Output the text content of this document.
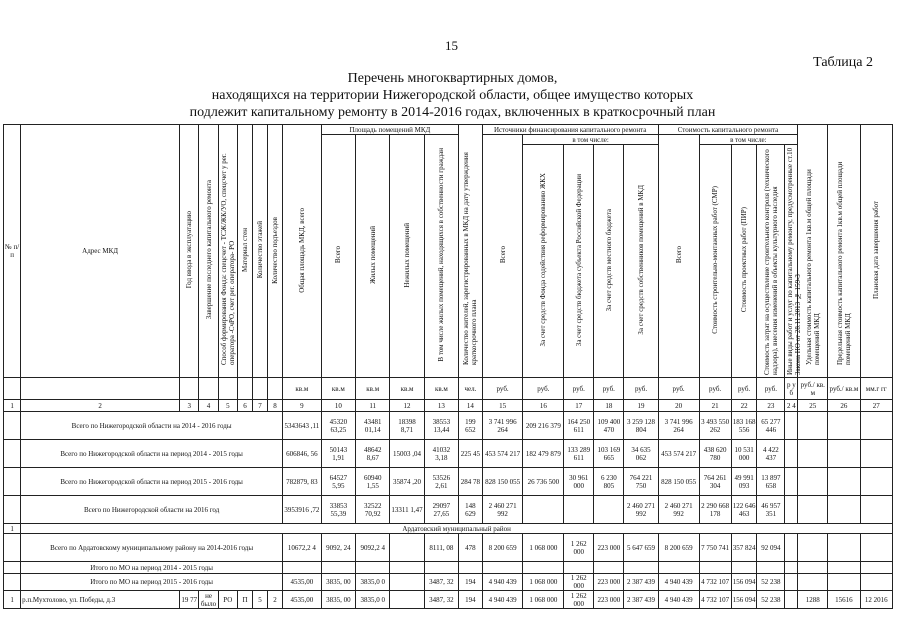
15
Таблица 2
Перечень многоквартирных домов,
находящихся на территории Нижегородской области, общее имущество которых
подлежит капитальному ремонту в 2014-2016 годах, включенных в краткосрочный план
№ п/п	Адрес МКД	Год ввода в эксплуатацию	Завершение последнего капитального ремонта	Способ формирования Фонда: спецсчет - ТСЖ/ЖК/УО, спецсчет у рег. оператора -СчРО, счет рег. оператора- РО	Материал стен	Количество этажей	Количество подъездов	Общая площадь МКД, всего	Площадь помещений МКД				Количество жителей, зарегистрированных в МКД на дату утверждения краткосрочного плана	Источники финансирования капитального ремонта					Стоимость капитального ремонта					Удельная стоимость капитального ремонта 1кв.м общей площади помещений МКД	Предельная стоимость капитального ремонта 1кв.м общей площади помещений МКД	Плановая дата завершения работ
									Всего	Жилых помещений	Нежилых помещений	В том числе жилых помещений, находящихся в собственности граждан		Всего	в том числе:				Всего	в том числе:						
															За счет средств Фонда содействия реформированию ЖКХ	За счет средств бюджета субъекта Российской Федерации	За счет средств местного бюджета	За счет средств собственников помещений в МКД		Стоимость строительно-монтажных работ (СМР)	Стоимость проектных работ (ПИР)	Стоимость затрат на осуществление строительного контроля (технического надзора), внесения изменений в объекты культурного наследия	Иные виды работ и услуг по капитальному ремонту, предусмотренные ст.10 Закона НО от 28.11.2013 № 159-З			
								кв.м	кв.м	кв.м	кв.м	кв.м	чел.	руб.	руб.	руб.	руб.	руб.	руб.	руб.	руб.	руб.	р у б	руб./ кв. м	руб./ кв.м	мм.г гг
1	2	3	4	5	6	7	8	9	10	11	12	13	14	15	16	17	18	19	20	21	22	23	2 4	25	26	27
	Всего по Нижегородской области на 2014 - 2016 годы							5343643 ,11	45320 63,25	43481 01,14	18398 8,71	38553 13,44	199 652	3 741 996 264	209 216 379	164 250 611	109 400 470	3 259 128 804	3 741 996 264	3 493 550 262	183 168 556	65 277 446				
	Всего по Нижегородской области на период 2014 - 2015 годы							606846, 56	50143 1,91	48642 8,67	15003 ,04	41032 3,18	225 45	453 574 217	182 479 879	133 289 611	103 169 665	34 635 062	453 574 217	438 620 780	10 531 000	4 422 437				
	Всего по Нижегородской области на период 2015 - 2016 годы							782879, 83	64527 5,95	60940 1,55	35874 ,20	53526 2,61	284 78	828 150 055	26 736 500	30 961 000	6 230 805	764 221 750	828 150 055	764 261 304	49 991 093	13 897 658				
	Всего по Нижегородской области на 2016 год							3953916 ,72	33853 55,39	32522 70,92	13311 1,47	29097 27,65	148 629	2 460 271 992				2 460 271 992	2 460 271 992	2 290 668 178	122 646 463	46 957 351				
1	Ардатовский муниципальный район																									
	Всего по Ардатовскому муниципальному району на 2014-2016 годы							10672,2 4	9092, 24	9092,2 4		8111, 08	478	8 200 659	1 068 000	1 262 000	223 000	5 647 659	8 200 659	7 750 741	357 824	92 094				
	Итого по МО на период 2014 - 2015 годы																									
	Итого по МО на период 2015 - 2016 годы							4535,00	3835, 00	3835,0 0		3487, 32	194	4 940 439	1 068 000	1 262 000	223 000	2 387 439	4 940 439	4 732 107	156 094	52 238				
1	р.п.Мухтолово, ул. Победы, д.3	19 77	не было	РО	П	5	2	4535,00	3835, 00	3835,0 0		3487, 32	194	4 940 439	1 068 000	1 262 000	223 000	2 387 439	4 940 439	4 732 107	156 094	52 238		1288	15616	12 2016
